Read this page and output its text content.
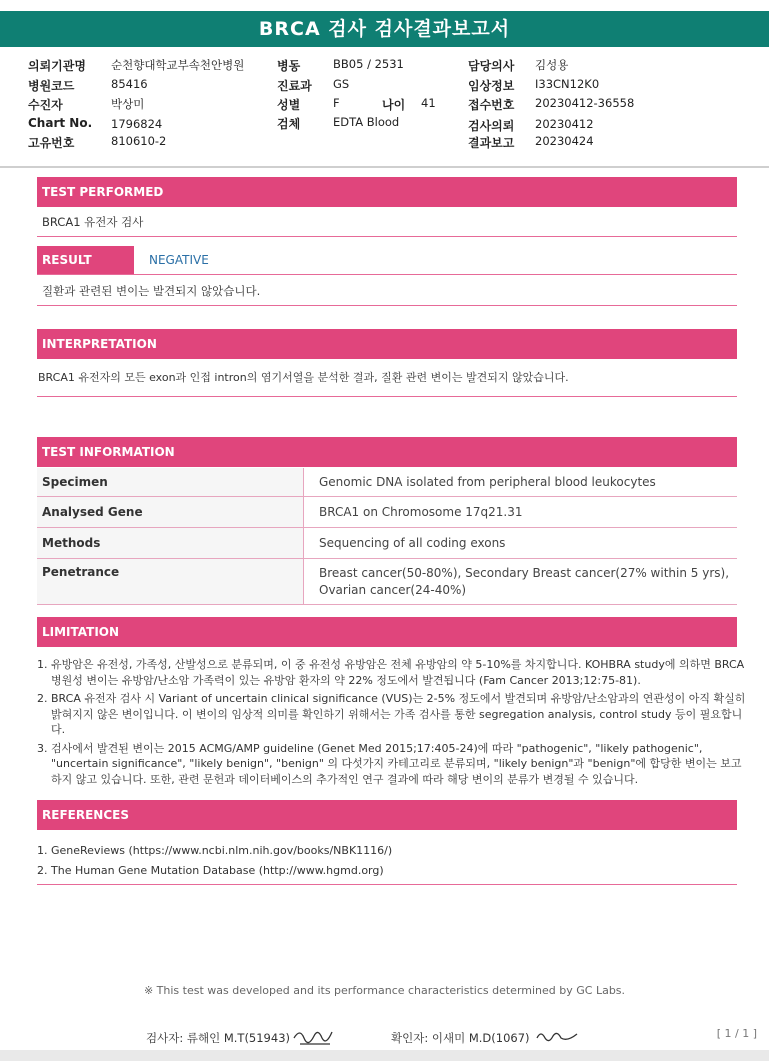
BRCA 검사 검사결과보고서
의뢰기관명 순천향대학교부속천안병원
병원코드	85416
수진자	박상미
Chart No. 1796824
고유번호	810610-2
병동	BB05 / 2531
진료과 GS
성별	F	나이 41
검체	EDTA Blood
담당의사 김성용
임상정보 I33CN12K0
접수번호 20230412-36558
검사의뢰 20230412
결과보고 20230424
TEST PERFORMED
BRCA1 유전자 검사
RESULT	NEGATIVE
질환과 관련된 변이는 발견되지 않았습니다.
INTERPRETATION
BRCA1 유전자의 모든 exon과 인접 intron의 염기서열을 분석한 결과, 질환 관련 변이는 발견되지 않았습니다.
TEST INFORMATION
Specimen	Genomic DNA isolated from peripheral blood leukocytes
Analysed Gene	BRCA1 on Chromosome 17q21.31
Methods	Sequencing of all coding exons
Penetrance	Breast cancer(50-80%), Secondary Breast cancer(27% within 5 yrs), Ovarian cancer(24-40%)
LIMITATION
1. 유방암은 유전성, 가족성, 산발성으로 분류되며, 이 중 유전성 유방암은 전체 유방암의 약 5-10%를 차지합니다. KOHBRA study에 의하면 BRCA 병원성 변이는 유방암/난소암 가족력이 있는 유방암 환자의 약 22% 정도에서 발견됩니다 (Fam Cancer 2013;12:75-81).
2. BRCA 유전자 검사 시 Variant of uncertain clinical significance (VUS)는 2-5% 정도에서 발견되며 유방암/난소암과의 연관성이 아직 확실히 밝혀지지 않은 변이입니다. 이 변이의 임상적 의미를 확인하기 위해서는 가족 검사를 통한 segregation analysis, control study 등이 필요합니다.
3. 검사에서 발견된 변이는 2015 ACMG/AMP guideline (Genet Med 2015;17:405-24)에 따라 "pathogenic", "likely pathogenic", "uncertain significance", "likely benign", "benign" 의 다섯가지 카테고리로 분류되며, "likely benign"과 "benign"에 합당한 변이는 보고하지 않고 있습니다. 또한, 관련 문헌과 데이터베이스의 추가적인 연구 결과에 따라 해당 변이의 분류가 변경될 수 있습니다.
REFERENCES
1. GeneReviews (https://www.ncbi.nlm.nih.gov/books/NBK1116/)
2. The Human Gene Mutation Database (http://www.hgmd.org)
※ This test was developed and its performance characteristics determined by GC Labs.
검사자: 류해인 M.T(51943)	확인자: 이새미 M.D(1067)	[ 1 / 1 ]
